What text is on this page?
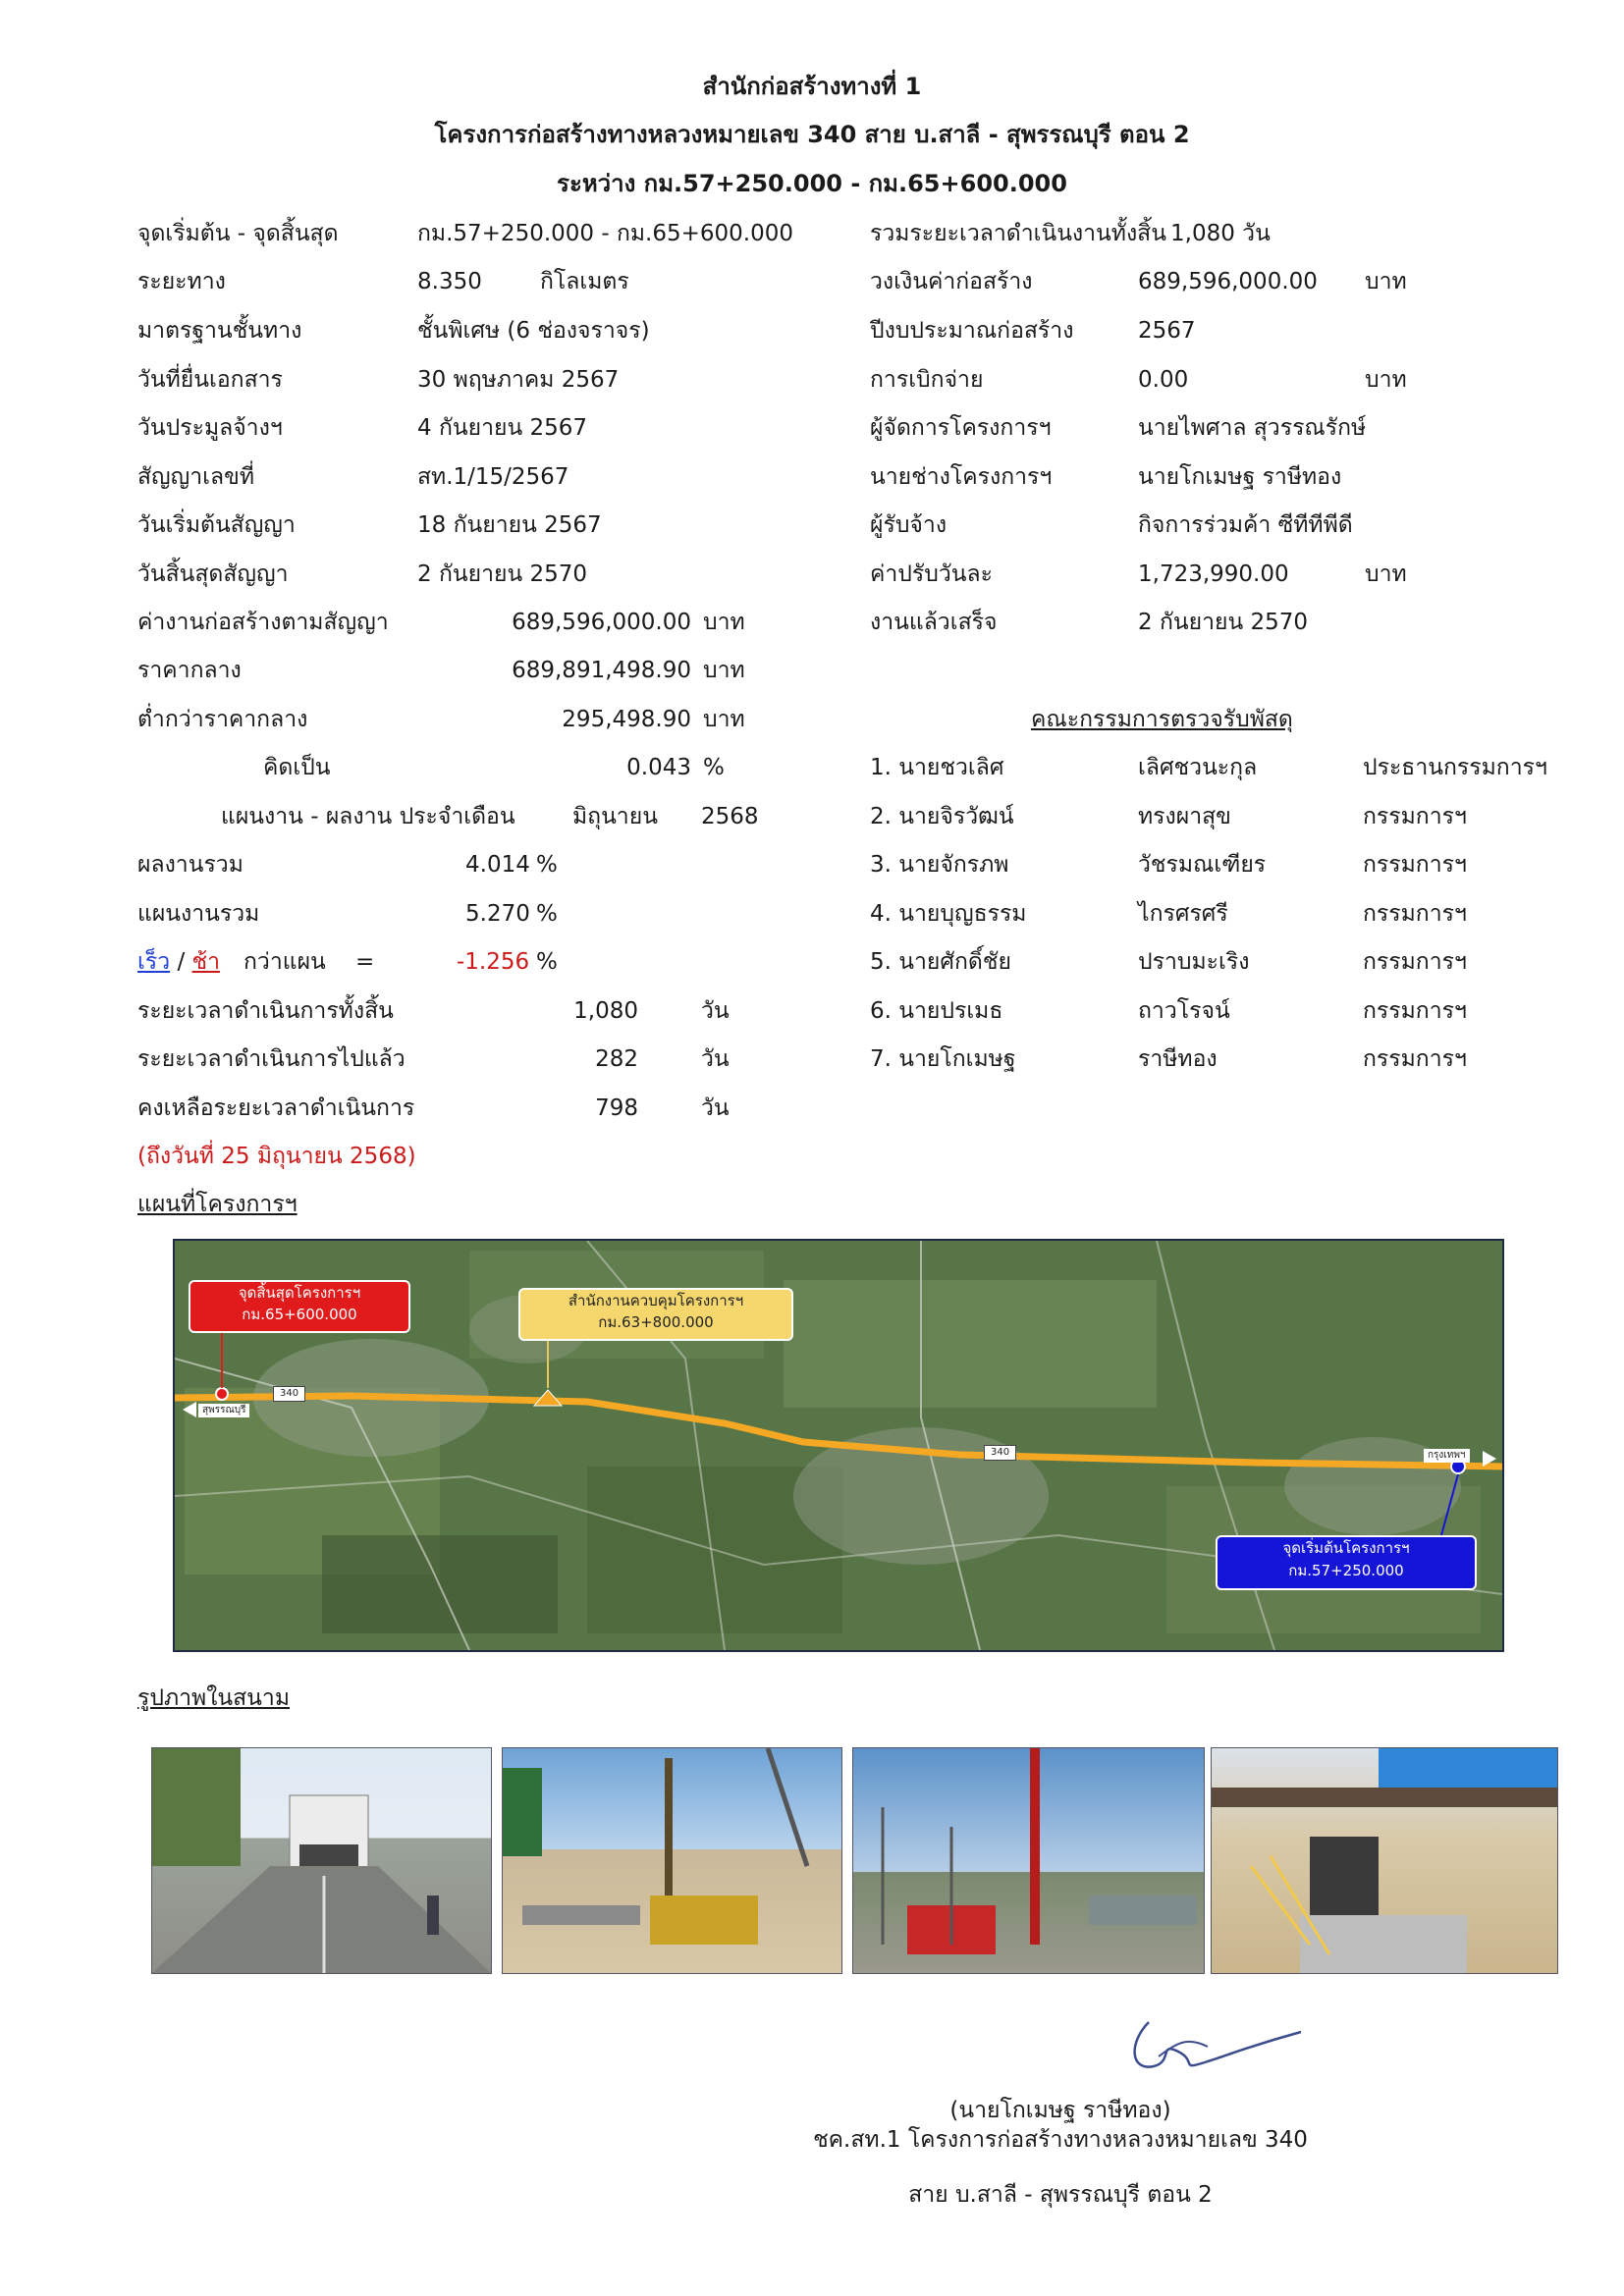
สำนักก่อสร้างทางที่ 1
โครงการก่อสร้างทางหลวงหมายเลข 340 สาย บ.สาลี - สุพรรณบุรี ตอน 2
ระหว่าง กม.57+250.000 - กม.65+600.000
จุดเริ่มต้น - จุดสิ้นสุด	กม.57+250.000 - กม.65+600.000
ระยะทาง	8.350	กิโลเมตร
มาตรฐานชั้นทาง	ชั้นพิเศษ (6 ช่องจราจร)
วันที่ยื่นเอกสาร	30 พฤษภาคม 2567
วันประมูลจ้างฯ	4 กันยายน 2567
สัญญาเลขที่	สท.1/15/2567
วันเริ่มต้นสัญญา	18 กันยายน 2567
วันสิ้นสุดสัญญา	2 กันยายน 2570
ค่างานก่อสร้างตามสัญญา	689,596,000.00 บาท
ราคากลาง	689,891,498.90 บาท
ต่ำกว่าราคากลาง	295,498.90 บาท
คิดเป็น	0.043 %
แผนงาน - ผลงาน ประจำเดือน	มิถุนายน 2568
ผลงานรวม	4.014 %
แผนงานรวม	5.270 %
เร็ว / ช้า กว่าแผน =	-1.256 %
ระยะเวลาดำเนินการทั้งสิ้น	1,080	วัน
ระยะเวลาดำเนินการไปแล้ว	282	วัน
คงเหลือระยะเวลาดำเนินการ	798	วัน
(ถึงวันที่ 25 มิถุนายน 2568)
รวมระยะเวลาดำเนินงานทั้งสิ้น 1,080 วัน
วงเงินค่าก่อสร้าง	689,596,000.00 บาท
ปีงบประมาณก่อสร้าง	2567
การเบิกจ่าย	0.00	บาท
ผู้จัดการโครงการฯ	นายไพศาล สุวรรณรักษ์
นายช่างโครงการฯ	นายโกเมษฐ ราษีทอง
ผู้รับจ้าง	กิจการร่วมค้า ซีทีทีพีดี
ค่าปรับวันละ	1,723,990.00	บาท
งานแล้วเสร็จ	2 กันยายน 2570
คณะกรรมการตรวจรับพัสดุ
1. นายชวเลิศ	เลิศชวนะกุล	ประธานกรรมการฯ
2. นายจิรวัฒน์	ทรงผาสุข	กรรมการฯ
3. นายจักรภพ	วัชรมณเฑียร	กรรมการฯ
4. นายบุญธรรม	ไกรศรศรี	กรรมการฯ
5. นายศักดิ์ชัย	ปราบมะเริง	กรรมการฯ
6. นายปรเมธ	ถาวโรจน์	กรรมการฯ
7. นายโกเมษฐ	ราษีทอง	กรรมการฯ
แผนที่โครงการฯ
จุดสิ้นสุดโครงการฯ
กม.65+600.000
สำนักงานควบคุมโครงการฯ
กม.63+800.000
จุดเริ่มต้นโครงการฯ
กม.57+250.000
340
340
สุพรรณบุรี
กรุงเทพฯ
รูปภาพในสนาม
(นายโกเมษฐ ราษีทอง)
ชค.สท.1 โครงการก่อสร้างทางหลวงหมายเลข 340
สาย บ.สาลี - สุพรรณบุรี ตอน 2
